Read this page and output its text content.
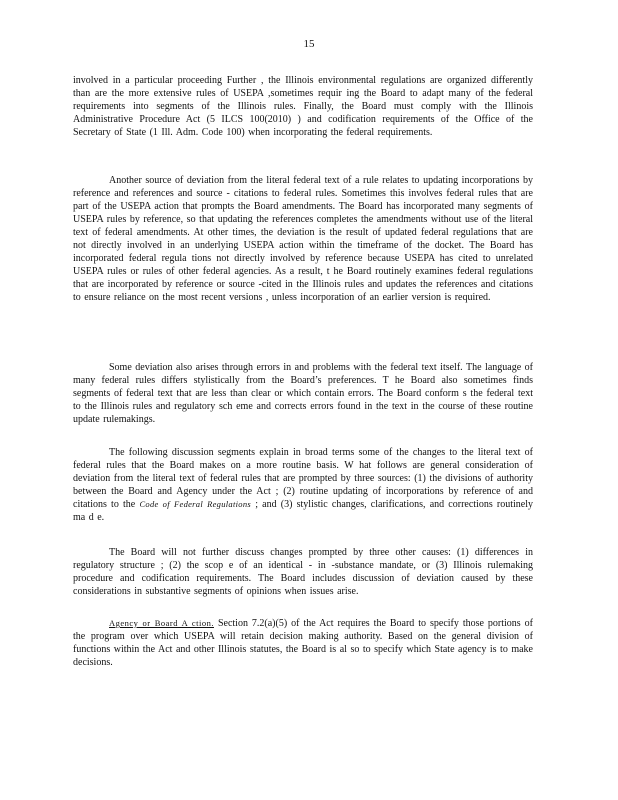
15

involved in a particular proceeding Further , the Illinois environmental regulations are organized differently than are the more extensive rules of USEPA ,sometimes requir ing the Board to adapt many of the federal requirements into segments of the Illinois rules. Finally, the Board must comply with the Illinois Administrative Procedure Act (5 ILCS 100(2010) ) and codification requirements of the Office of the Secretary of State (1 Ill. Adm. Code 100) when incorporating the federal requirements.

Another source of deviation from the literal federal text of a rule relates to updating incorporations by reference and references and source - citations to federal rules. Sometimes this involves federal rules that are part of the USEPA action that prompts the Board amendments. The Board has incorporated many segments of USEPA rules by reference, so that updating the references completes the amendments without use of the literal text of federal amendments. At other times, the deviation is the result of updated federal regulations that are not directly involved in an underlying USEPA action within the timeframe of the docket. The Board has incorporated federal regula tions not directly involved by reference because USEPA has cited to unrelated USEPA rules or rules of other federal agencies. As a result, t he Board routinely examines federal regulations that are incorporated by reference or source -cited in the Illinois rules and updates the references and citations to ensure reliance on the most recent versions , unless incorporation of an earlier version is required.

Some deviation also arises through errors in and problems with the federal text itself. The language of many federal rules differs stylistically from the Board’s preferences. T he Board also sometimes finds segments of federal text that are less than clear or which contain errors. The Board conform s the federal text to the Illinois rules and regulatory sch eme and corrects errors found in the text in the course of these routine update rulemakings.

The following discussion segments explain in broad terms some of the changes to the literal text of federal rules that the Board makes on a more routine basis. W hat follows are general consideration of deviation from the literal text of federal rules that are prompted by three sources: (1) the divisions of authority between the Board and Agency under the Act ; (2) routine updating of incorporations by reference of and citations to the Code of Federal Regulations ; and (3) stylistic changes, clarifications, and corrections routinely ma d e.

The Board will not further discuss changes prompted by three other causes: (1) differences in regulatory structure ; (2) the scop e of an identical - in -substance mandate, or (3) Illinois rulemaking procedure and codification requirements. The Board includes discussion of deviation caused by these considerations in substantive segments of opinions when issues arise.

Agency or Board A ction. Section 7.2(a)(5) of the Act requires the Board to specify those portions of the program over which USEPA will retain decision making authority. Based on the general division of functions within the Act and other Illinois statutes, the Board is al so to specify which State agency is to make decisions.
